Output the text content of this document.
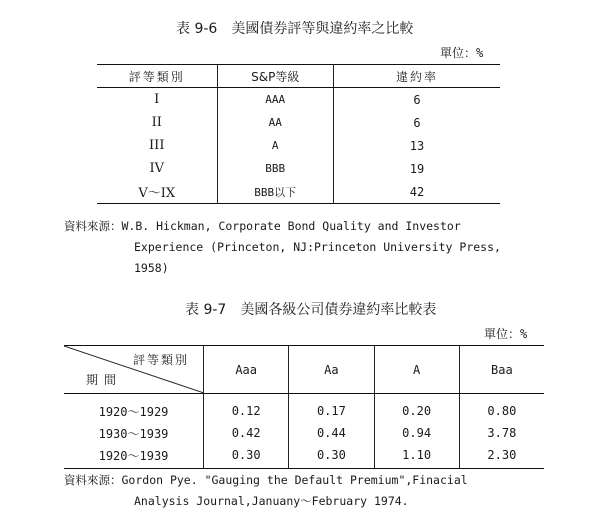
表 9-6 美國債券評等與違約率之比較
單位：%
評等類別	S&P等級	違約率
I	AAA	6
II	AA	6
III	A	13
IV	BBB	19
V～IX	BBB以下	42
資料來源：W.B. Hickman, Corporate Bond Quality and Investor
Experience (Princeton, NJ:Princeton University Press,
1958)
表 9-7 美國各級公司債券違約率比較表
單位：%
評等類別
期間	Aaa	Aa	A	Baa
1920～1929	0.12	0.17	0.20	0.80
1930～1939	0.42	0.44	0.94	3.78
1920～1939	0.30	0.30	1.10	2.30
資料來源：Gordon Pye. "Gauging the Default Premium",Finacial
Analysis Journal,Januany～February 1974.
